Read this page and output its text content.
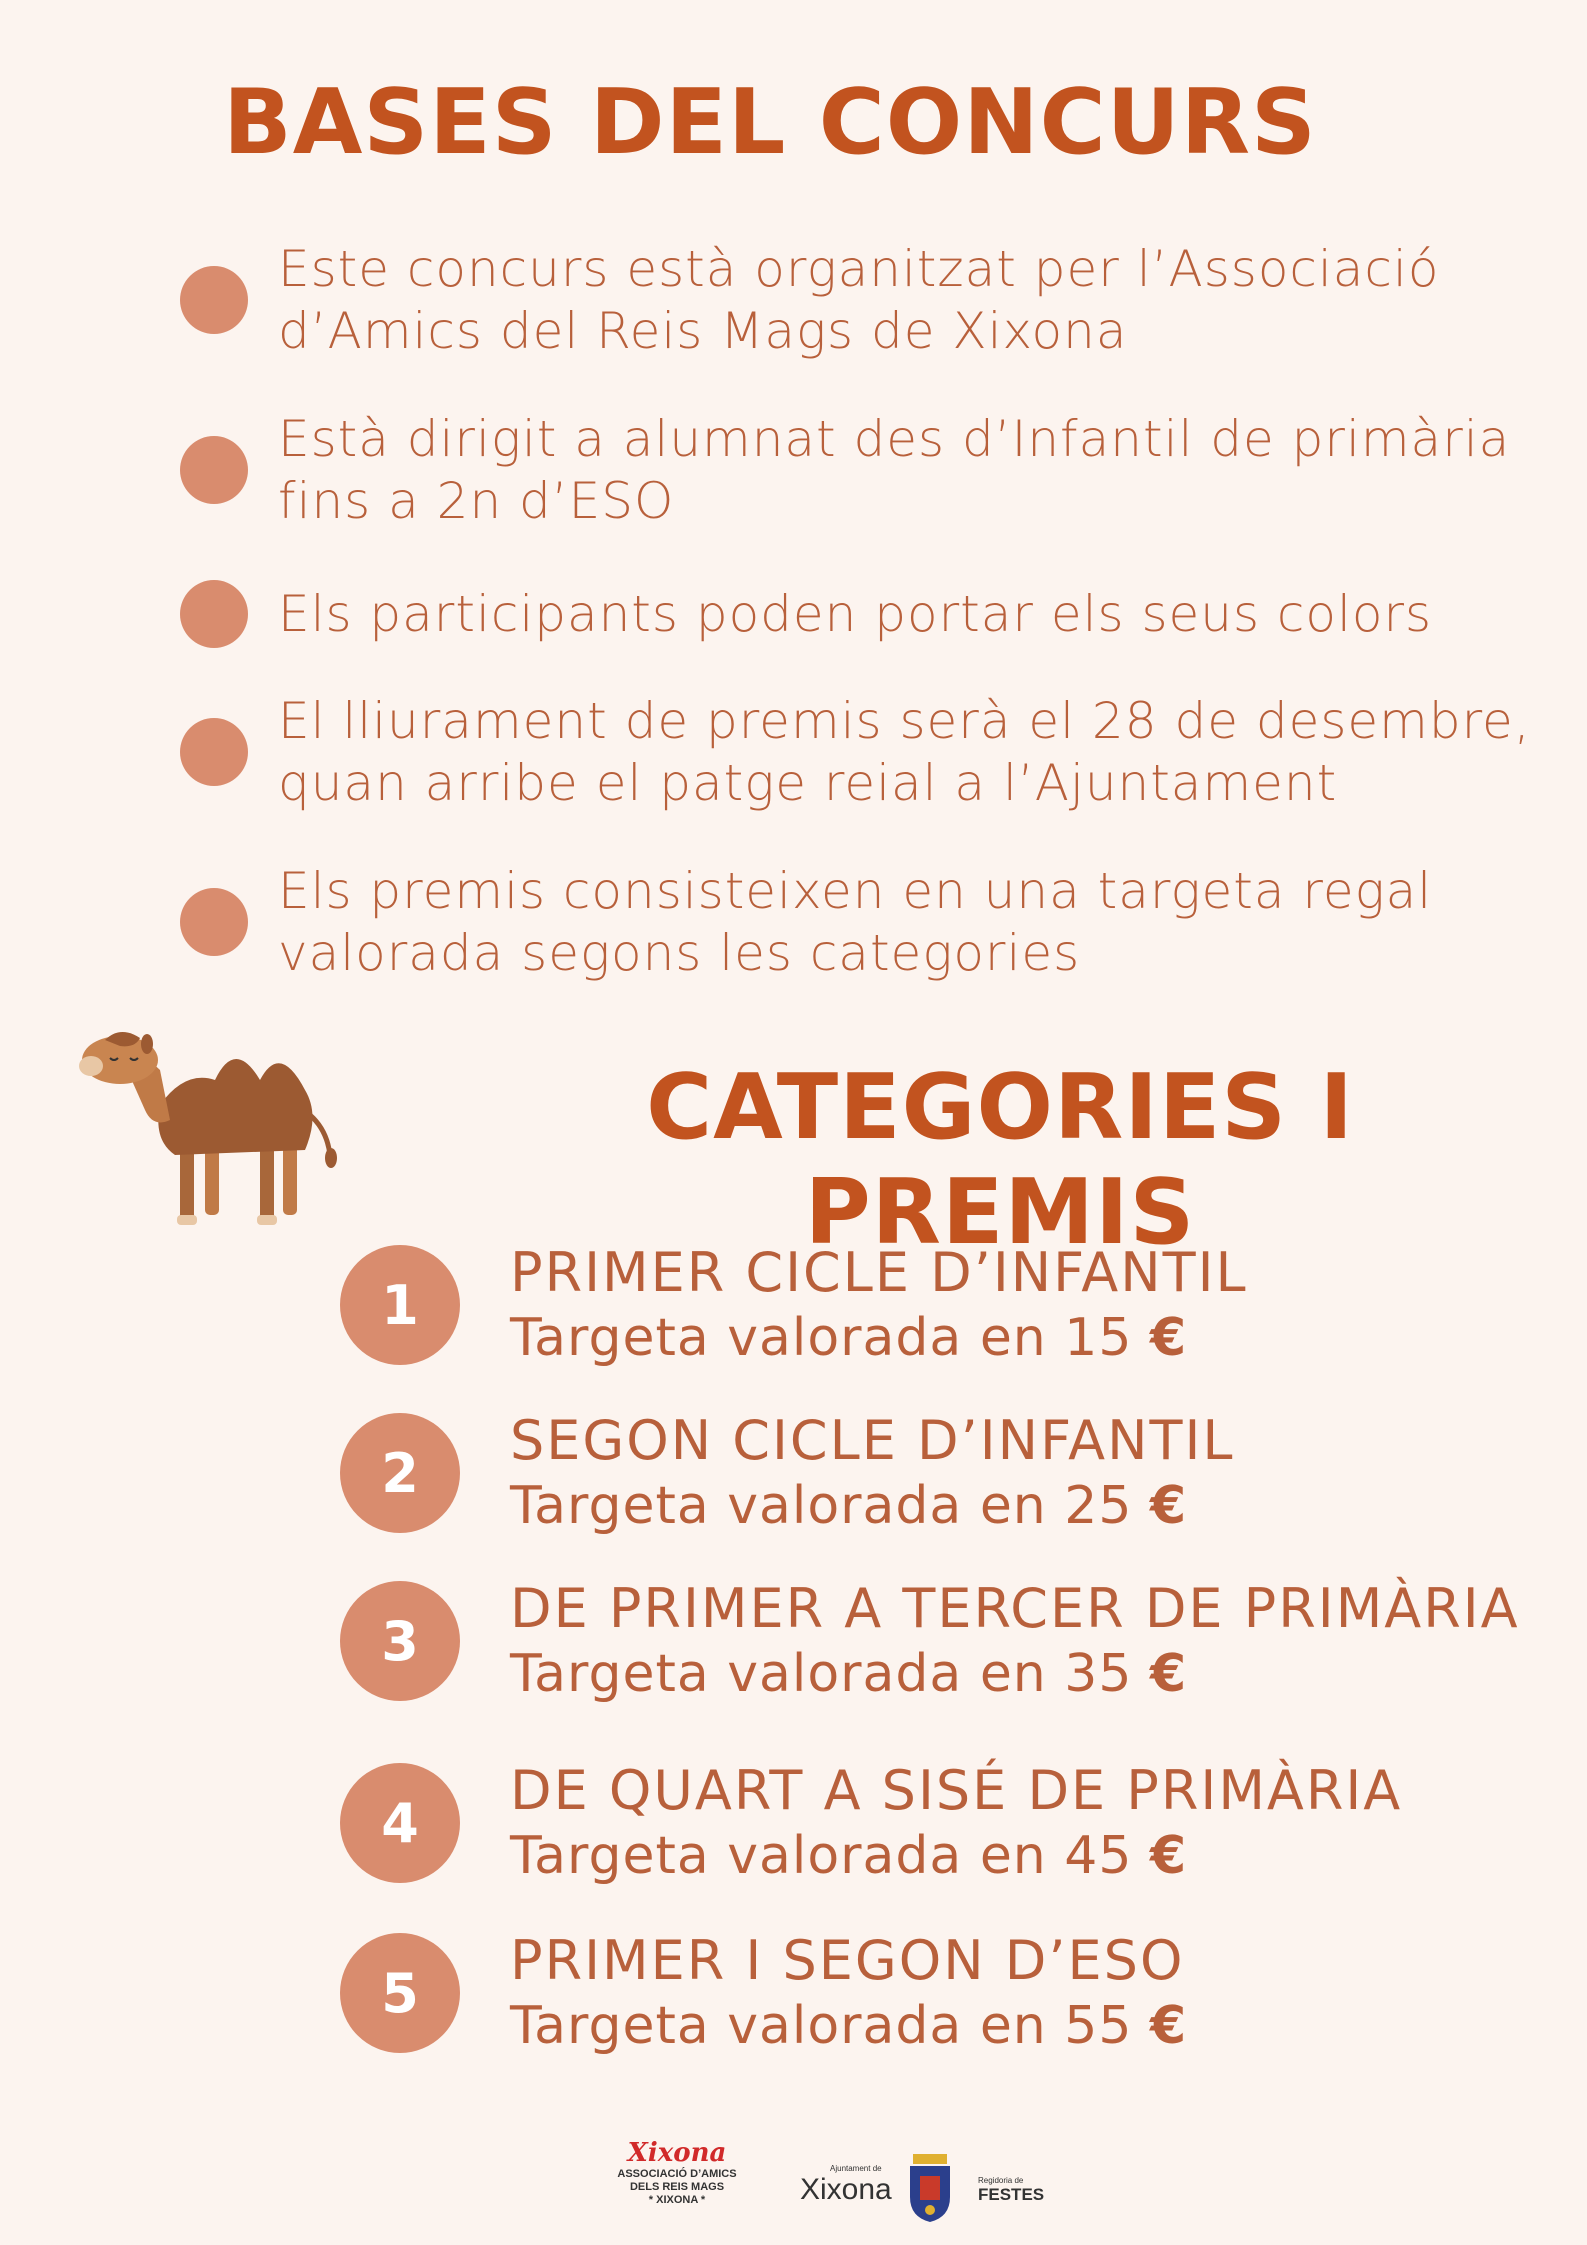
BASES DEL CONCURS
Este concurs està organitzat per l’Associació
d’Amics del Reis Mags de Xixona
Està dirigit a alumnat des d’Infantil de primària
fins a 2n d’ESO
Els participants poden portar els seus colors
El lliurament de premis serà el 28 de desembre,
quan arribe el patge reial a l’Ajuntament
Els premis consisteixen en una targeta regal
valorada segons les categories
CATEGORIES I PREMIS
1
PRIMER CICLE D’INFANTIL
Targeta valorada en 15 €
2
SEGON CICLE D’INFANTIL
Targeta valorada en 25 €
3
DE PRIMER A TERCER DE PRIMÀRIA
Targeta valorada en 35 €
4
DE QUART A SISÉ DE PRIMÀRIA
Targeta valorada en 45 €
5
PRIMER I SEGON D’ESO
Targeta valorada en 55 €
Xixona
ASSOCIACIÓ D’AMICS
DELS REIS MAGS
* XIXONA *
Ajuntament de
Xixona	Regidoria de
FESTES
